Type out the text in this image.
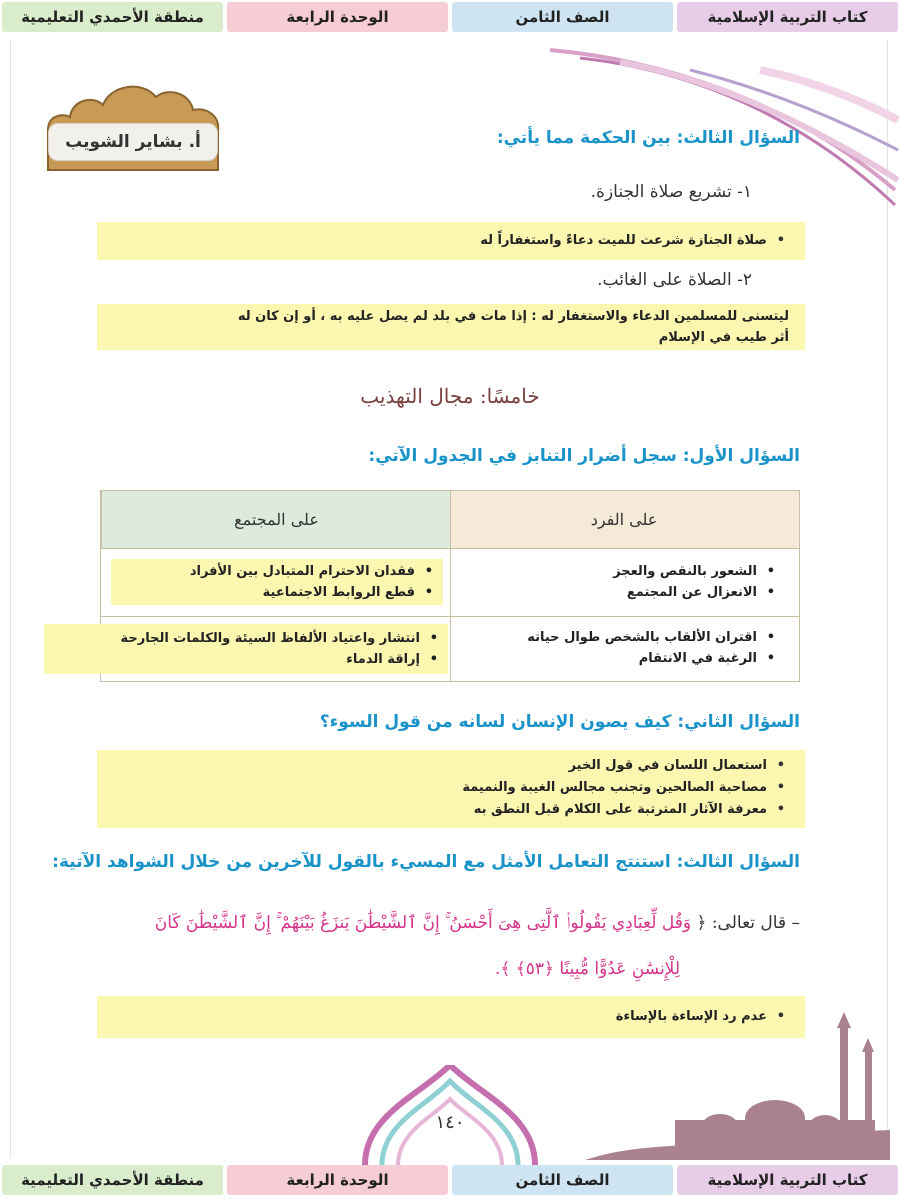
كتاب التربية الإسلامية
الصف الثامن
الوحدة الرابعة
منطقة الأحمدي التعليمية
أ. بشاير الشويب	السؤال الثالث: بين الحكمة مما يأتي:
١- تشريع صلاة الجنازة.
• صلاة الجنازة شرعت للميت دعاءً واستغفاراً له
٢- الصلاة على الغائب.
ليتسنى للمسلمين الدعاء والاستغفار له : إذا مات في بلد لم يصل عليه به ، أو إن كان له
أثر طيب في الإسلام
خامسًا: مجال التهذيب
السؤال الأول: سجل أضرار التنابز في الجدول الآتي:
على الفرد
على المجتمع
• الشعور بالنقص والعجز
• الانعزال عن المجتمع
• فقدان الاحترام المتبادل بين الأفراد
• قطع الروابط الاجتماعية
• اقتران الألقاب بالشخص طوال حياته
• الرغبة في الانتقام
• انتشار واعتياد الألفاظ السيئة والكلمات الجارحة
• إراقة الدماء
السؤال الثاني: كيف يصون الإنسان لسانه من قول السوء؟
• استعمال اللسان في قول الخير
• مصاحبة الصالحين وتجنب مجالس الغيبة والنميمة
• معرفة الآثار المترتبة على الكلام قبل النطق به
السؤال الثالث: استنتج التعامل الأمثل مع المسيء بالقول للآخرين من خلال الشواهد الآتية:
– قال تعالى: ﴿ وَقُل لِّعِبَادِي يَقُولُوا۟ ٱلَّتِى هِىَ أَحْسَنُ ۚ إِنَّ ٱلشَّيْطَٰنَ يَنزَغُ بَيْنَهُمْ ۚ إِنَّ ٱلشَّيْطَٰنَ كَانَ
لِلْإِنسَٰنِ عَدُوًّا مُّبِينًا ﴿٥٣﴾ ﴾.
• عدم رد الإساءة بالإساءة
١٤٠
كتاب التربية الإسلامية
الصف الثامن
الوحدة الرابعة
منطقة الأحمدي التعليمية
